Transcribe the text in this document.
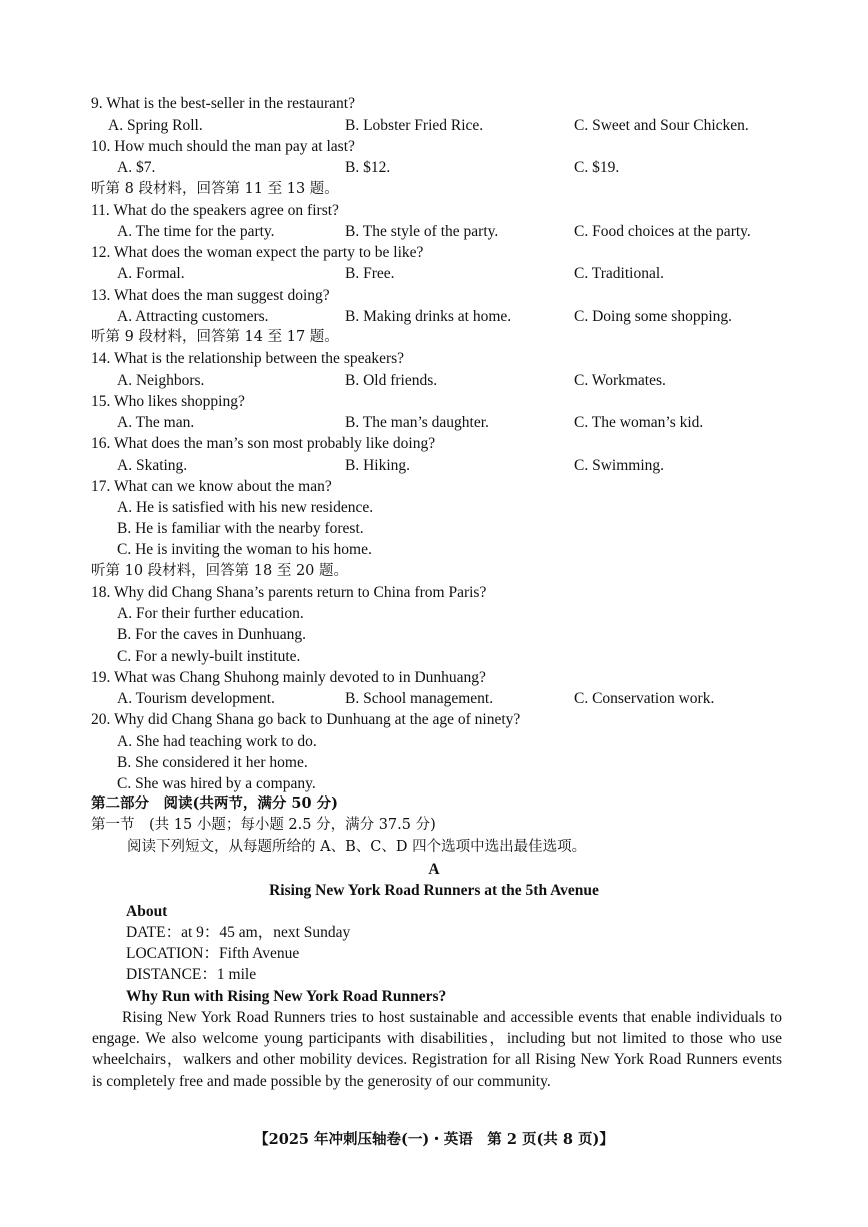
9. What is the best-seller in the restaurant?
A. Spring Roll.	B. Lobster Fried Rice.	C. Sweet and Sour Chicken.
10. How much should the man pay at last?
A. $7.	B. $12.	C. $19.
听第 8 段材料，回答第 11 至 13 题。
11. What do the speakers agree on first?
A. The time for the party.	B. The style of the party.	C. Food choices at the party.
12. What does the woman expect the party to be like?
A. Formal.	B. Free.	C. Traditional.
13. What does the man suggest doing?
A. Attracting customers.	B. Making drinks at home.	C. Doing some shopping.
听第 9 段材料，回答第 14 至 17 题。
14. What is the relationship between the speakers?
A. Neighbors.	B. Old friends.	C. Workmates.
15. Who likes shopping?
A. The man.	B. The man’s daughter.	C. The woman’s kid.
16. What does the man’s son most probably like doing?
A. Skating.	B. Hiking.	C. Swimming.
17. What can we know about the man?
A. He is satisfied with his new residence.
B. He is familiar with the nearby forest.
C. He is inviting the woman to his home.
听第 10 段材料，回答第 18 至 20 题。
18. Why did Chang Shana’s parents return to China from Paris?
A. For their further education.
B. For the caves in Dunhuang.
C. For a newly-built institute.
19. What was Chang Shuhong mainly devoted to in Dunhuang?
A. Tourism development.	B. School management.	C. Conservation work.
20. Why did Chang Shana go back to Dunhuang at the age of ninety?
A. She had teaching work to do.
B. She considered it her home.
C. She was hired by a company.
第二部分　阅读(共两节，满分 50 分)
第一节　(共 15 小题；每小题 2.5 分，满分 37.5 分)
阅读下列短文，从每题所给的 A、B、C、D 四个选项中选出最佳选项。
A
Rising New York Road Runners at the 5th Avenue
About
DATE：at 9：45 am，next Sunday
LOCATION：Fifth Avenue
DISTANCE：1 mile
Why Run with Rising New York Road Runners?
Rising New York Road Runners tries to host sustainable and accessible events that enable individuals to engage. We also welcome young participants with disabilities，including but not limited to those who use wheelchairs，walkers and other mobility devices. Registration for all Rising New York Road Runners events is completely free and made possible by the generosity of our community.
【2025 年冲刺压轴卷(一)・英语　第 2 页(共 8 页)】
